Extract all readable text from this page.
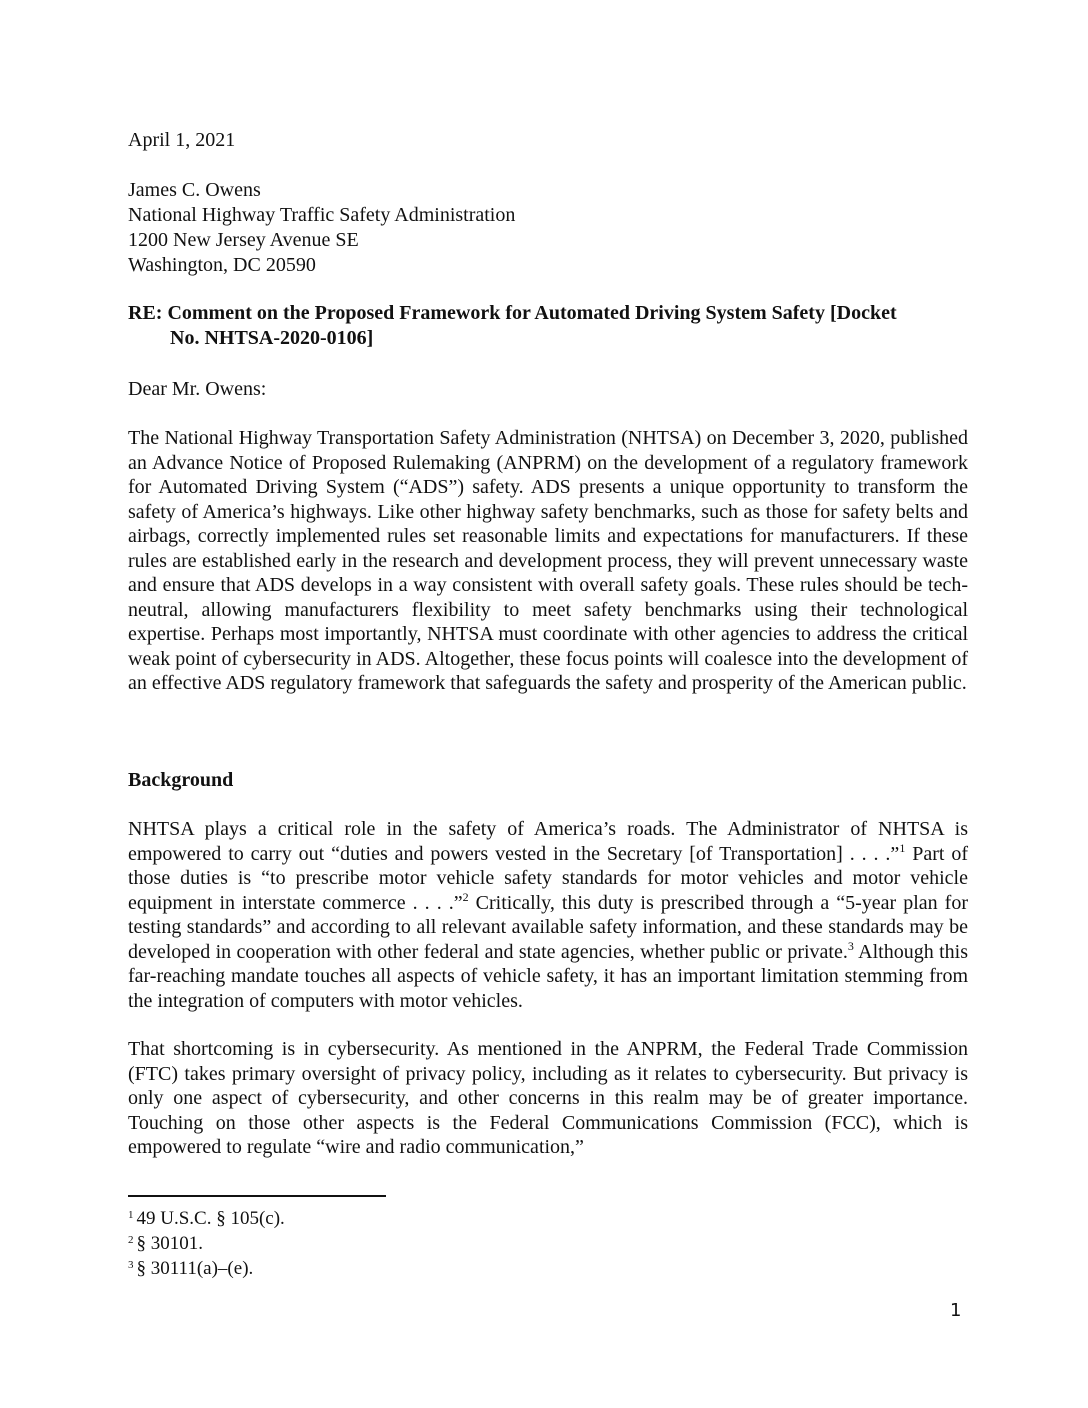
April 1, 2021

James C. Owens
National Highway Traffic Safety Administration
1200 New Jersey Avenue SE
Washington, DC 20590
RE: Comment on the Proposed Framework for Automated Driving System Safety [Docket
No. NHTSA-2020-0106]

Dear Mr. Owens:

The National Highway Transportation Safety Administration (NHTSA) on December 3, 2020, published an Advance Notice of Proposed Rulemaking (ANPRM) on the development of a regulatory framework for Automated Driving System (“ADS”) safety. ADS presents a unique opportunity to transform the safety of America’s highways. Like other highway safety benchmarks, such as those for safety belts and airbags, correctly implemented rules set reasonable limits and expectations for manufacturers. If these rules are established early in the research and development process, they will prevent unnecessary waste and ensure that ADS develops in a way consistent with overall safety goals. These rules should be tech-neutral, allowing manufacturers flexibility to meet safety benchmarks using their technological expertise. Perhaps most importantly, NHTSA must coordinate with other agencies to address the critical weak point of cybersecurity in ADS. Altogether, these focus points will coalesce into the development of an effective ADS regulatory framework that safeguards the safety and prosperity of the American public.

Background

NHTSA plays a critical role in the safety of America’s roads. The Administrator of NHTSA is empowered to carry out “duties and powers vested in the Secretary [of Transportation] . . . .”$^1$ Part of those duties is “to prescribe motor vehicle safety standards for motor vehicles and motor vehicle equipment in interstate commerce . . . .”$^2$ Critically, this duty is prescribed through a “5-year plan for testing standards” and according to all relevant available safety information, and these standards may be developed in cooperation with other federal and state agencies, whether public or private.$^3$ Although this far-reaching mandate touches all aspects of vehicle safety, it has an important limitation stemming from the integration of computers with motor vehicles.

That shortcoming is in cybersecurity. As mentioned in the ANPRM, the Federal Trade Commission (FTC) takes primary oversight of privacy policy, including as it relates to cybersecurity. But privacy is only one aspect of cybersecurity, and other concerns in this realm may be of greater importance. Touching on those other aspects is the Federal Communications Commission (FCC), which is empowered to regulate “wire and radio communication,”

$^1$ 49 U.S.C. § 105(c).
$^2$ § 30101.
$^3$ § 30111(a)–(e).
1
